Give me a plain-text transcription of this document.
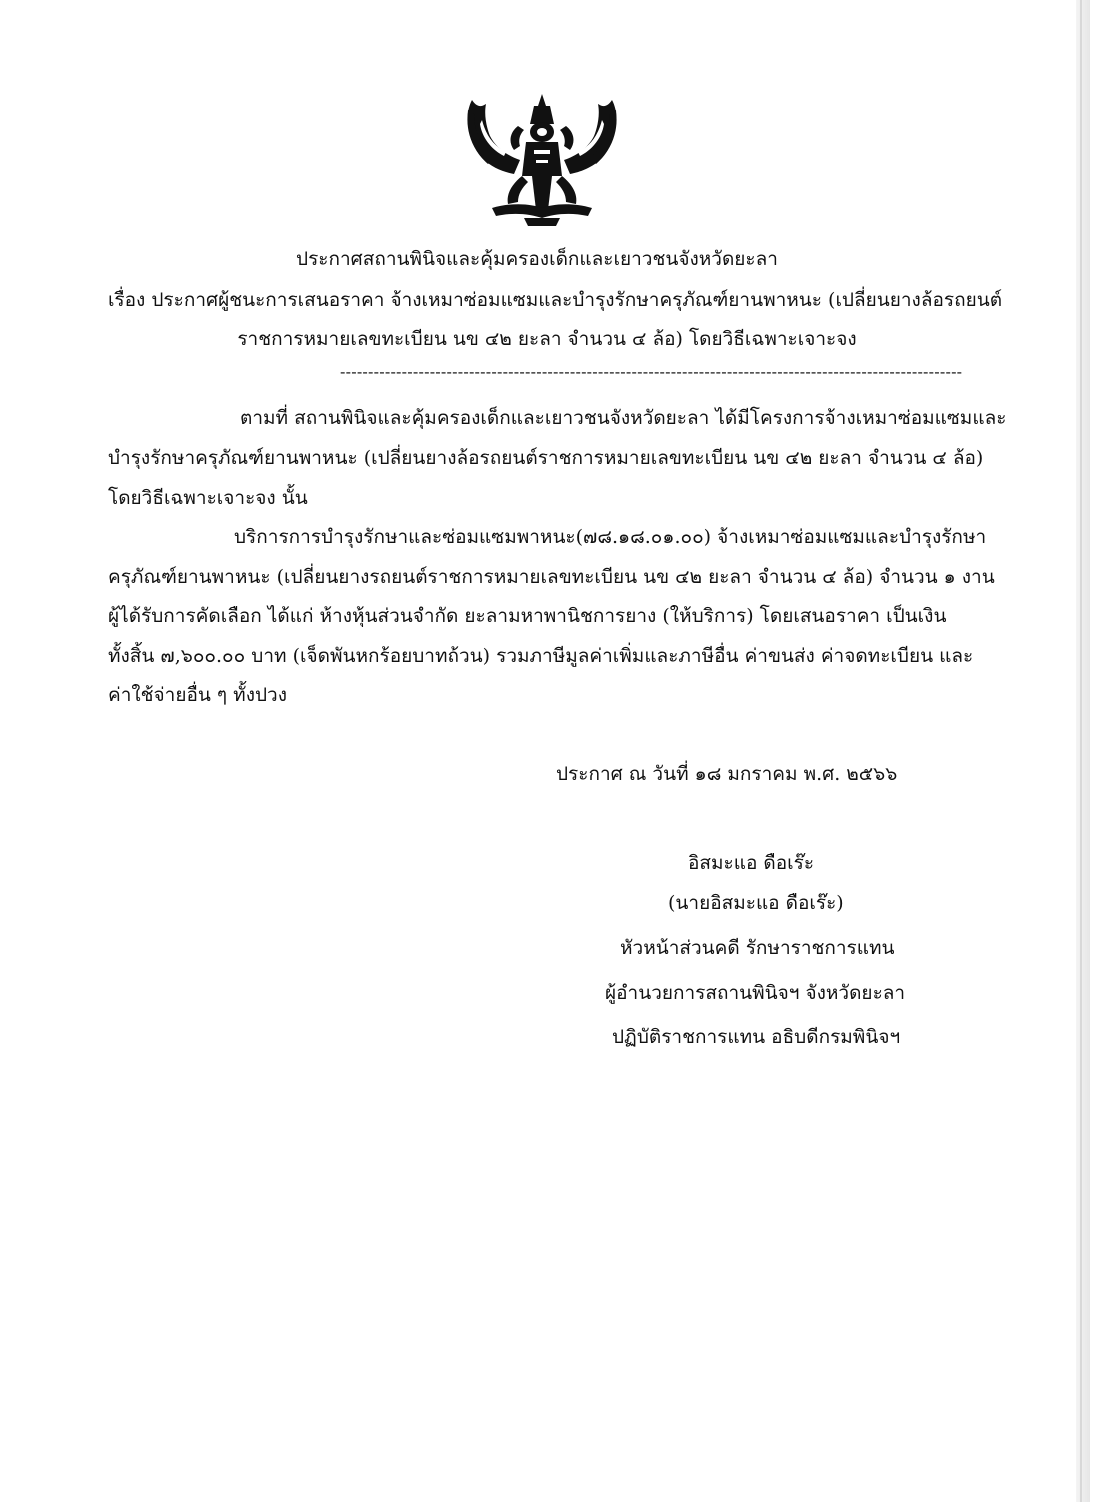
ประกาศสถานพินิจและคุ้มครองเด็กและเยาวชนจังหวัดยะลา
เรื่อง ประกาศผู้ชนะการเสนอราคา จ้างเหมาซ่อมแซมและบำรุงรักษาครุภัณฑ์ยานพาหนะ (เปลี่ยนยางล้อรถยนต์
ราชการหมายเลขทะเบียน นข ๔๒ ยะลา จำนวน ๔ ล้อ) โดยวิธีเฉพาะเจาะจง
---------------------------------------------------------------------------------------------------------------
ตามที่ สถานพินิจและคุ้มครองเด็กและเยาวชนจังหวัดยะลา ได้มีโครงการจ้างเหมาซ่อมแซมและ
บำรุงรักษาครุภัณฑ์ยานพาหนะ (เปลี่ยนยางล้อรถยนต์ราชการหมายเลขทะเบียน นข ๔๒ ยะลา จำนวน ๔ ล้อ)
โดยวิธีเฉพาะเจาะจง นั้น
บริการการบำรุงรักษาและซ่อมแซมพาหนะ(๗๘.๑๘.๐๑.๐๐) จ้างเหมาซ่อมแซมและบำรุงรักษา
ครุภัณฑ์ยานพาหนะ (เปลี่ยนยางรถยนต์ราชการหมายเลขทะเบียน นข ๔๒ ยะลา จำนวน ๔ ล้อ) จำนวน ๑ งาน
ผู้ได้รับการคัดเลือก ได้แก่ ห้างหุ้นส่วนจำกัด ยะลามหาพานิชการยาง (ให้บริการ) โดยเสนอราคา เป็นเงิน
ทั้งสิ้น ๗,๖๐๐.๐๐ บาท (เจ็ดพันหกร้อยบาทถ้วน) รวมภาษีมูลค่าเพิ่มและภาษีอื่น ค่าขนส่ง ค่าจดทะเบียน และ
ค่าใช้จ่ายอื่น ๆ ทั้งปวง
ประกาศ ณ วันที่ ๑๘ มกราคม พ.ศ. ๒๕๖๖
อิสมะแอ ดือเร๊ะ
(นายอิสมะแอ ดือเร๊ะ)
หัวหน้าส่วนคดี รักษาราชการแทน
ผู้อำนวยการสถานพินิจฯ จังหวัดยะลา
ปฏิบัติราชการแทน อธิบดีกรมพินิจฯ
